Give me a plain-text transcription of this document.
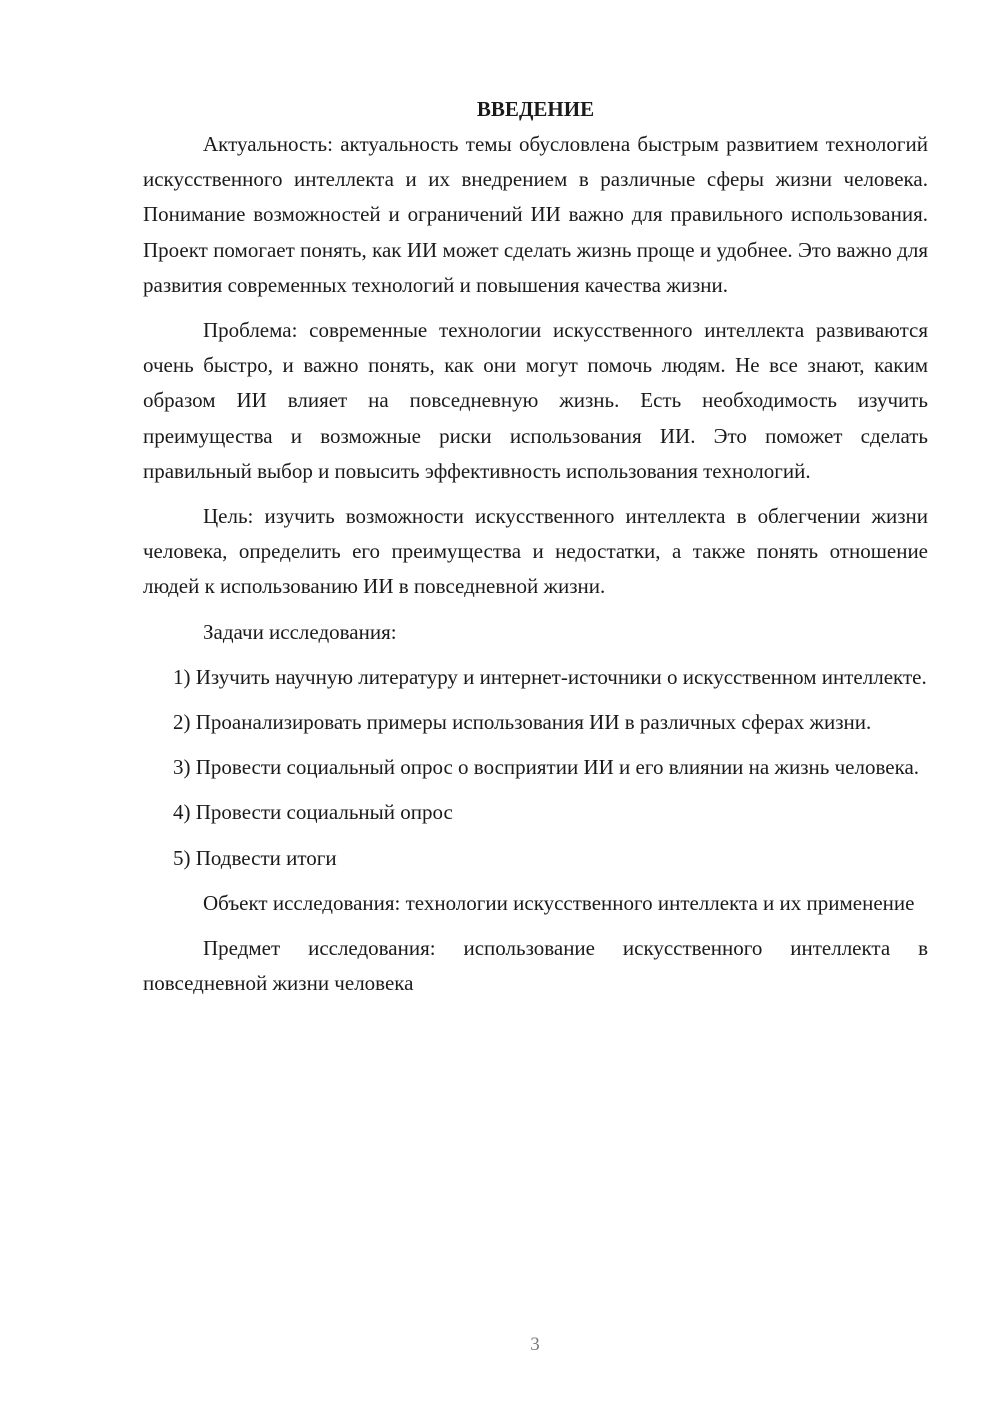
ВВЕДЕНИЕ

Актуальность: актуальность темы обусловлена быстрым развитием технологий искусственного интеллекта и их внедрением в различные сферы жизни человека. Понимание возможностей и ограничений ИИ важно для правильного использования. Проект помогает понять, как ИИ может сделать жизнь проще и удобнее. Это важно для развития современных технологий и повышения качества жизни.

Проблема: современные технологии искусственного интеллекта развиваются очень быстро, и важно понять, как они могут помочь людям. Не все знают, каким образом ИИ влияет на повседневную жизнь. Есть необходимость изучить преимущества и возможные риски использования ИИ. Это поможет сделать правильный выбор и повысить эффективность использования технологий.

Цель: изучить возможности искусственного интеллекта в облегчении жизни человека, определить его преимущества и недостатки, а также понять отношение людей к использованию ИИ в повседневной жизни.

Задачи исследования:

1) Изучить научную литературу и интернет-источники о искусственном интеллекте.

2) Проанализировать примеры использования ИИ в различных сферах жизни.

3) Провести социальный опрос о восприятии ИИ и его влиянии на жизнь человека.

4) Провести социальный опрос

5) Подвести итоги

Объект исследования: технологии искусственного интеллекта и их применение

Предмет исследования: использование искусственного интеллекта в повседневной жизни человека

3
